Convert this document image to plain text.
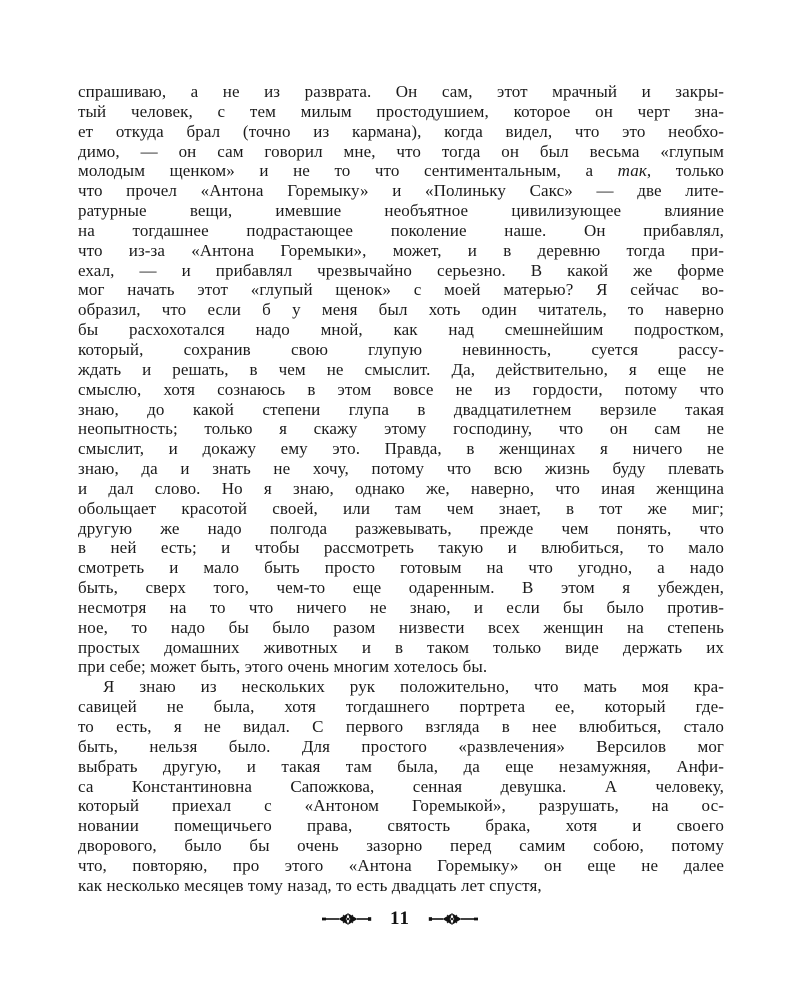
спрашиваю, а не из разврата. Он сам, этот мрачный и закры-
тый человек, с тем милым простодушием, которое он черт зна-
ет откуда брал (точно из кармана), когда видел, что это необхо-
димо, — он сам говорил мне, что тогда он был весьма «глупым
молодым щенком» и не то что сентиментальным, а так, только
что прочел «Антона Горемыку» и «Полиньку Сакс» — две лите-
ратурные вещи, имевшие необъятное цивилизующее влияние
на тогдашнее подрастающее поколение наше. Он прибавлял,
что из-за «Антона Горемыки», может, и в деревню тогда при-
ехал, — и прибавлял чрезвычайно серьезно. В какой же форме
мог начать этот «глупый щенок» с моей матерью? Я сейчас во-
образил, что если б у меня был хоть один читатель, то наверно
бы расхохотался надо мной, как над смешнейшим подростком,
который, сохранив свою глупую невинность, суется рассу-
ждать и решать, в чем не смыслит. Да, действительно, я еще не
смыслю, хотя сознаюсь в этом вовсе не из гордости, потому что
знаю, до какой степени глупа в двадцатилетнем верзиле такая
неопытность; только я скажу этому господину, что он сам не
смыслит, и докажу ему это. Правда, в женщинах я ничего не
знаю, да и знать не хочу, потому что всю жизнь буду плевать
и дал слово. Но я знаю, однако же, наверно, что иная женщина
обольщает красотой своей, или там чем знает, в тот же миг;
другую же надо полгода разжевывать, прежде чем понять, что
в ней есть; и чтобы рассмотреть такую и влюбиться, то мало
смотреть и мало быть просто готовым на что угодно, а надо
быть, сверх того, чем-то еще одаренным. В этом я убежден,
несмотря на то что ничего не знаю, и если бы было против-
ное, то надо бы было разом низвести всех женщин на степень
простых домашних животных и в таком только виде держать их
при себе; может быть, этого очень многим хотелось бы.
Я знаю из нескольких рук положительно, что мать моя кра-
савицей не была, хотя тогдашнего портрета ее, который где-
то есть, я не видал. С первого взгляда в нее влюбиться, стало
быть, нельзя было. Для простого «развлечения» Версилов мог
выбрать другую, и такая там была, да еще незамужняя, Анфи-
са Константиновна Сапожкова, сенная девушка. А человеку,
который приехал с «Антоном Горемыкой», разрушать, на ос-
новании помещичьего права, святость брака, хотя и своего
дворового, было бы очень зазорно перед самим собою, потому
что, повторяю, про этого «Антона Горемыку» он еще не далее
как несколько месяцев тому назад, то есть двадцать лет спустя,
11
